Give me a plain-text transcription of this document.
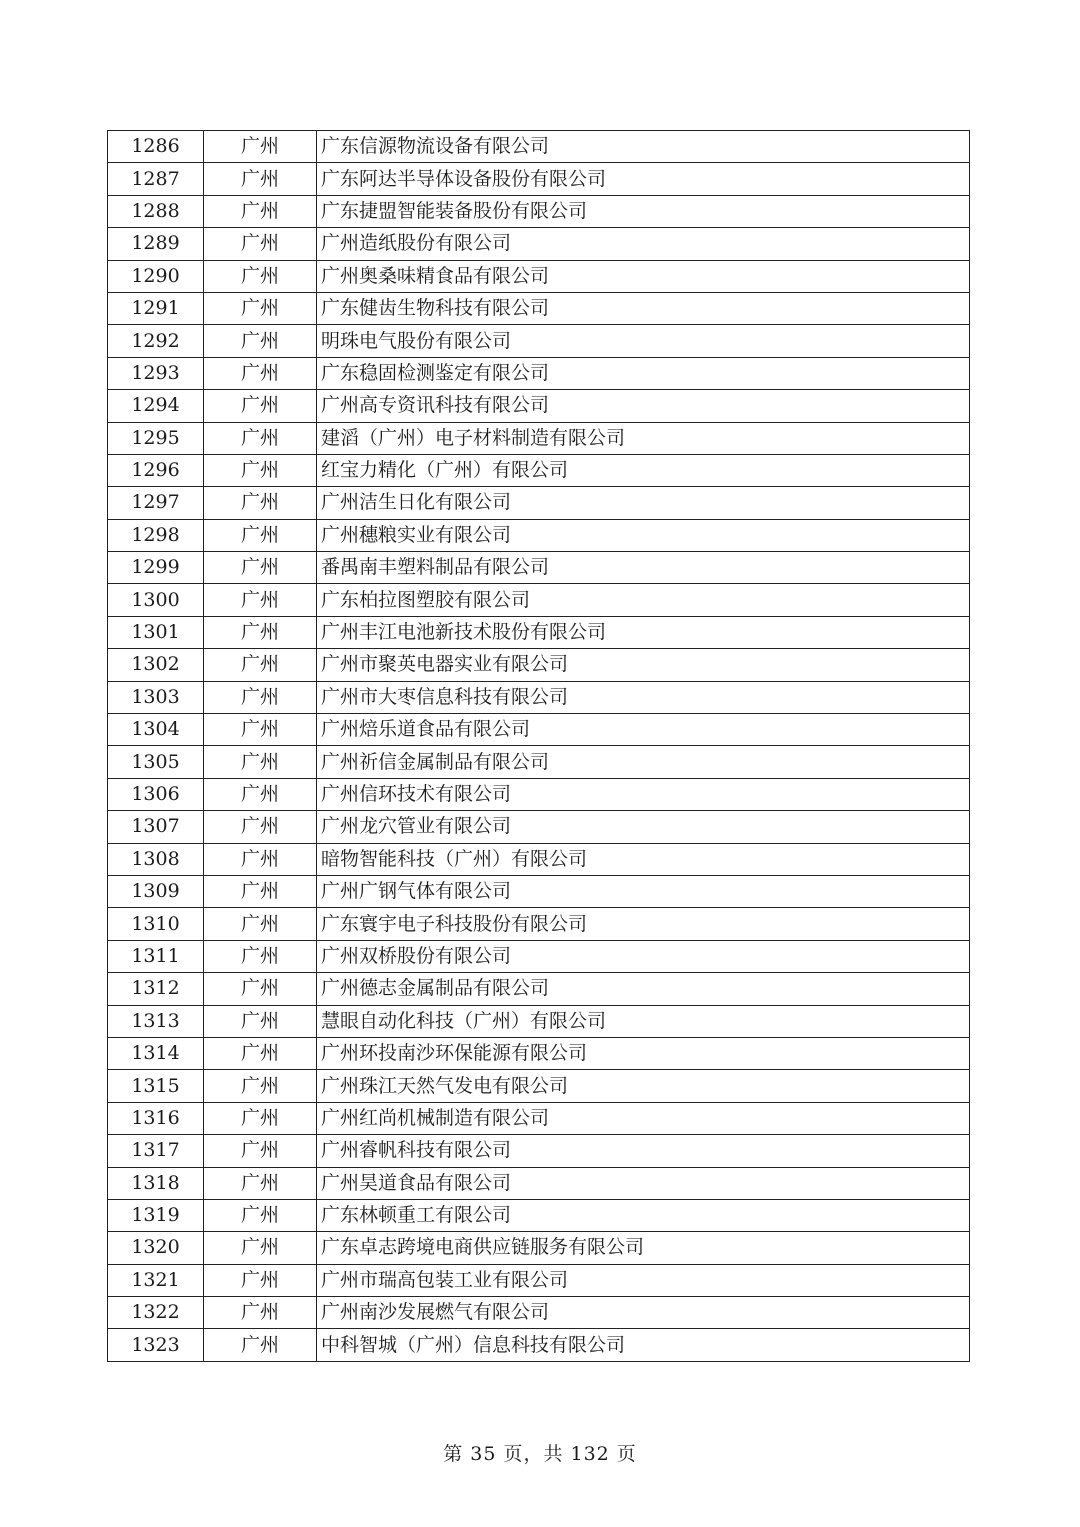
1286	广州	广东信源物流设备有限公司
1287	广州	广东阿达半导体设备股份有限公司
1288	广州	广东捷盟智能装备股份有限公司
1289	广州	广州造纸股份有限公司
1290	广州	广州奥桑味精食品有限公司
1291	广州	广东健齿生物科技有限公司
1292	广州	明珠电气股份有限公司
1293	广州	广东稳固检测鉴定有限公司
1294	广州	广州高专资讯科技有限公司
1295	广州	建滔（广州）电子材料制造有限公司
1296	广州	红宝力精化（广州）有限公司
1297	广州	广州洁生日化有限公司
1298	广州	广州穗粮实业有限公司
1299	广州	番禺南丰塑料制品有限公司
1300	广州	广东柏拉图塑胶有限公司
1301	广州	广州丰江电池新技术股份有限公司
1302	广州	广州市聚英电器实业有限公司
1303	广州	广州市大枣信息科技有限公司
1304	广州	广州焙乐道食品有限公司
1305	广州	广州祈信金属制品有限公司
1306	广州	广州信环技术有限公司
1307	广州	广州龙穴管业有限公司
1308	广州	暗物智能科技（广州）有限公司
1309	广州	广州广钢气体有限公司
1310	广州	广东寰宇电子科技股份有限公司
1311	广州	广州双桥股份有限公司
1312	广州	广州德志金属制品有限公司
1313	广州	慧眼自动化科技（广州）有限公司
1314	广州	广州环投南沙环保能源有限公司
1315	广州	广州珠江天然气发电有限公司
1316	广州	广州红尚机械制造有限公司
1317	广州	广州睿帆科技有限公司
1318	广州	广州昊道食品有限公司
1319	广州	广东林顿重工有限公司
1320	广州	广东卓志跨境电商供应链服务有限公司
1321	广州	广州市瑞高包装工业有限公司
1322	广州	广州南沙发展燃气有限公司
1323	广州	中科智城（广州）信息科技有限公司
第 35 页，共 132 页
